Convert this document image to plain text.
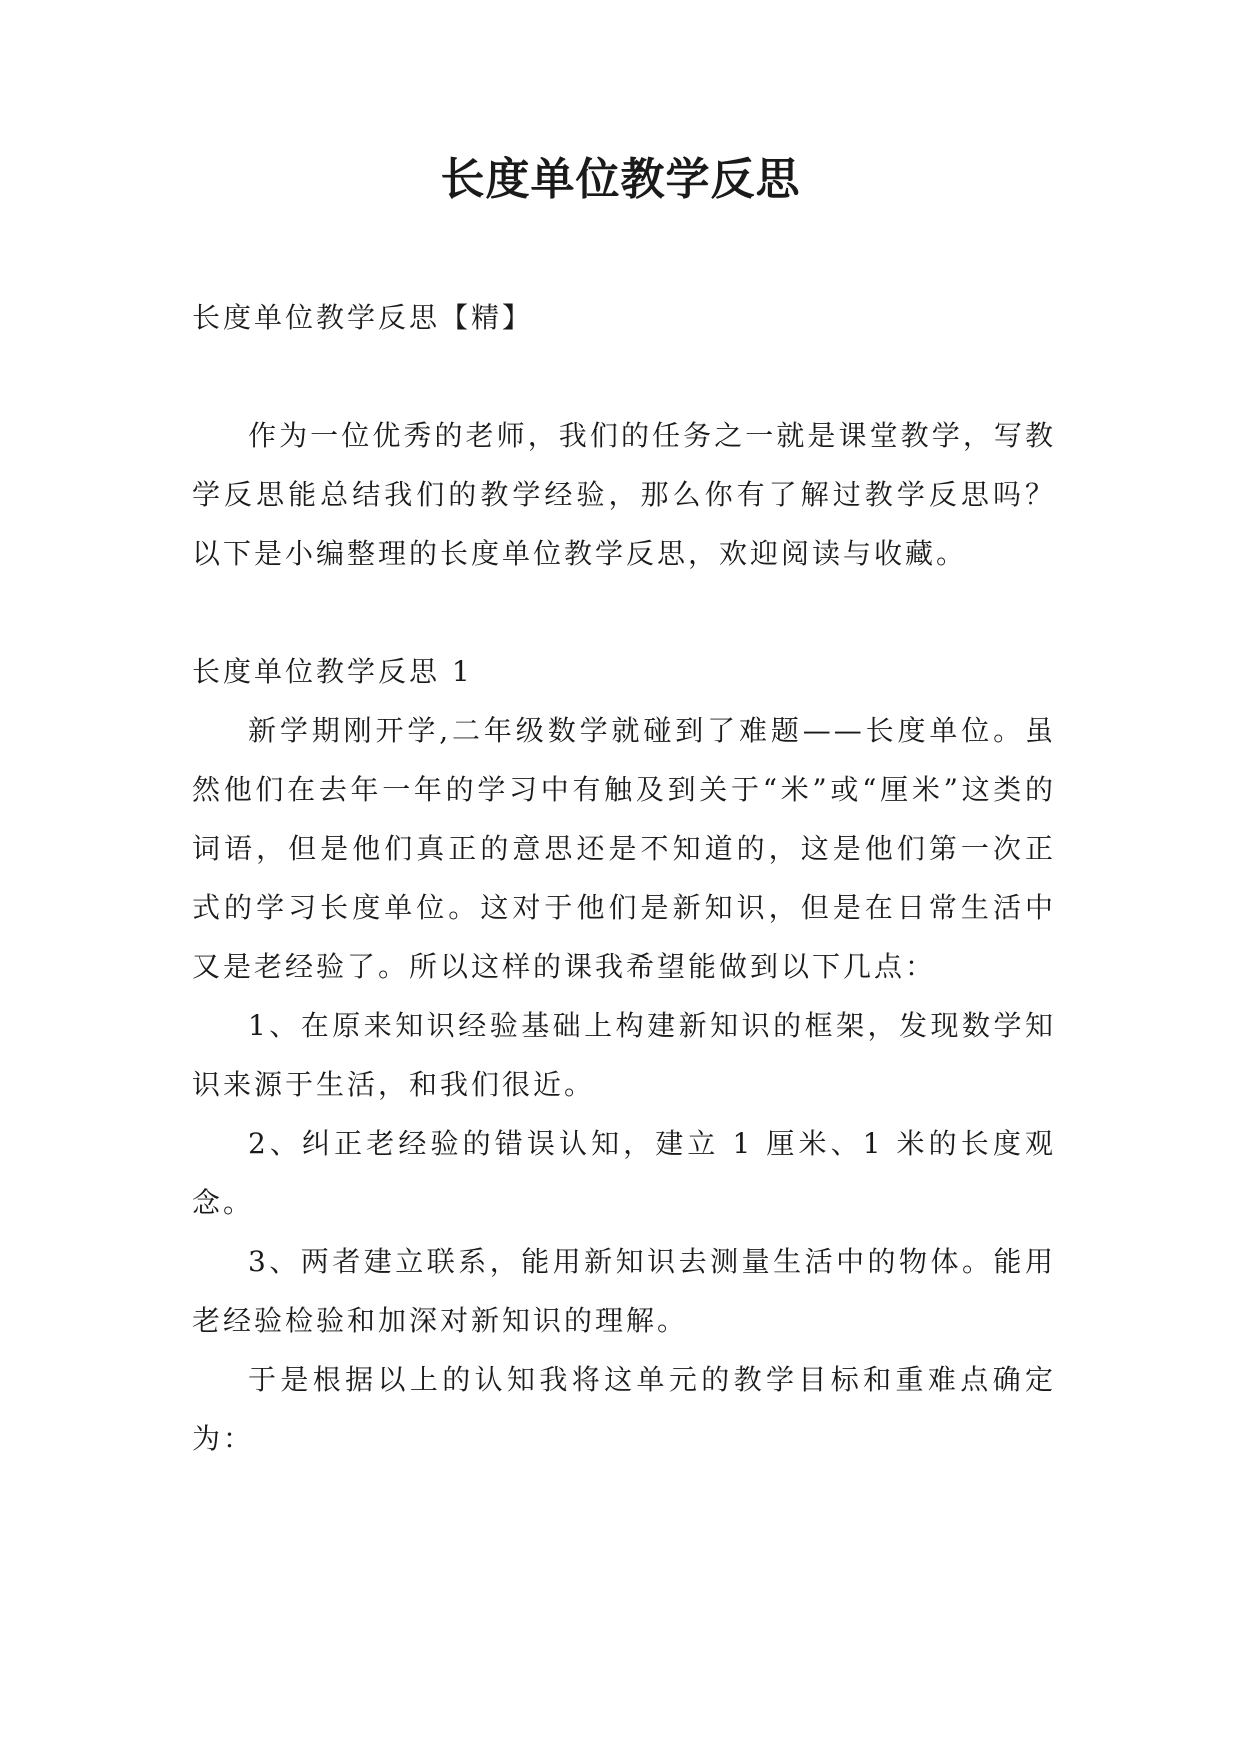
长度单位教学反思

长度单位教学反思【精】

作为一位优秀的老师，我们的任务之一就是课堂教学，写教学反思能总结我们的教学经验，那么你有了解过教学反思吗？以下是小编整理的长度单位教学反思，欢迎阅读与收藏。

长度单位教学反思 1

新学期刚开学,二年级数学就碰到了难题——长度单位。虽然他们在去年一年的学习中有触及到关于“米”或“厘米”这类的词语，但是他们真正的意思还是不知道的，这是他们第一次正式的学习长度单位。这对于他们是新知识，但是在日常生活中又是老经验了。所以这样的课我希望能做到以下几点：

1、在原来知识经验基础上构建新知识的框架，发现数学知识来源于生活，和我们很近。

2、纠正老经验的错误认知，建立 1 厘米、1 米的长度观念。

3、两者建立联系，能用新知识去测量生活中的物体。能用老经验检验和加深对新知识的理解。

于是根据以上的认知我将这单元的教学目标和重难点确定为：
